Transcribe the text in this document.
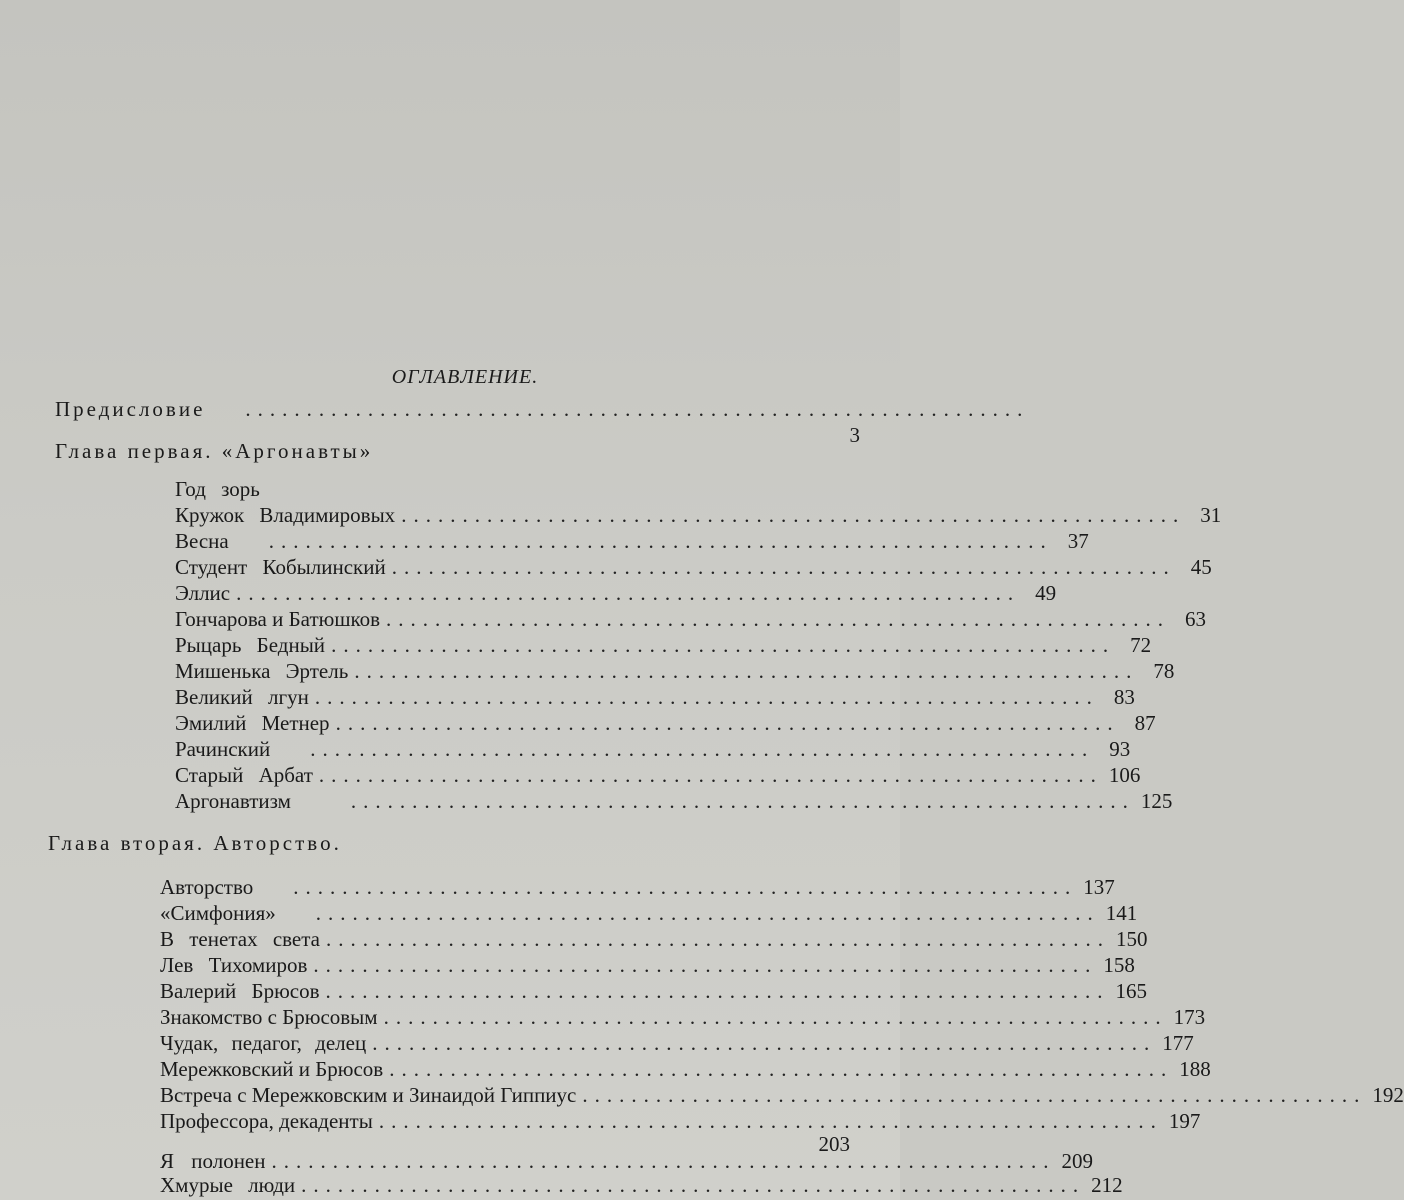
ОГЛАВЛЕНИЕ.
Предисловие ................................................................
3
Глава первая. «Аргонавты»
Год зорь
Кружок Владимировых ................................................................ 31
Весна ................................................................ 37
Студент Кобылинский ................................................................ 45
Эллис ................................................................ 49
Гончарова и Батюшков ................................................................ 63
Рыцарь Бедный ................................................................ 72
Мишенька Эртель ................................................................ 78
Великий лгун ................................................................ 83
Эмилий Метнер ................................................................ 87
Рачинский ................................................................ 93
Старый Арбат ................................................................ 106
Аргонавтизм	................................................................ 125
Глава вторая. Авторство.
Авторство ................................................................ 137
«Симфония» ................................................................ 141
В тенетах света ................................................................ 150
Лев Тихомиров ................................................................ 158
Валерий Брюсов ................................................................ 165
Знакомство с Брюсовым ................................................................ 173
Чудак, педагог, делец ................................................................ 177
Мережковский и Брюсов ................................................................ 188
Встреча с Мережковским и Зинаидой Гиппиус ................................................................ 192
Профессора, декаденты ................................................................ 197
203
Я полонен ................................................................ 209
Хмурые люди ................................................................ 212
